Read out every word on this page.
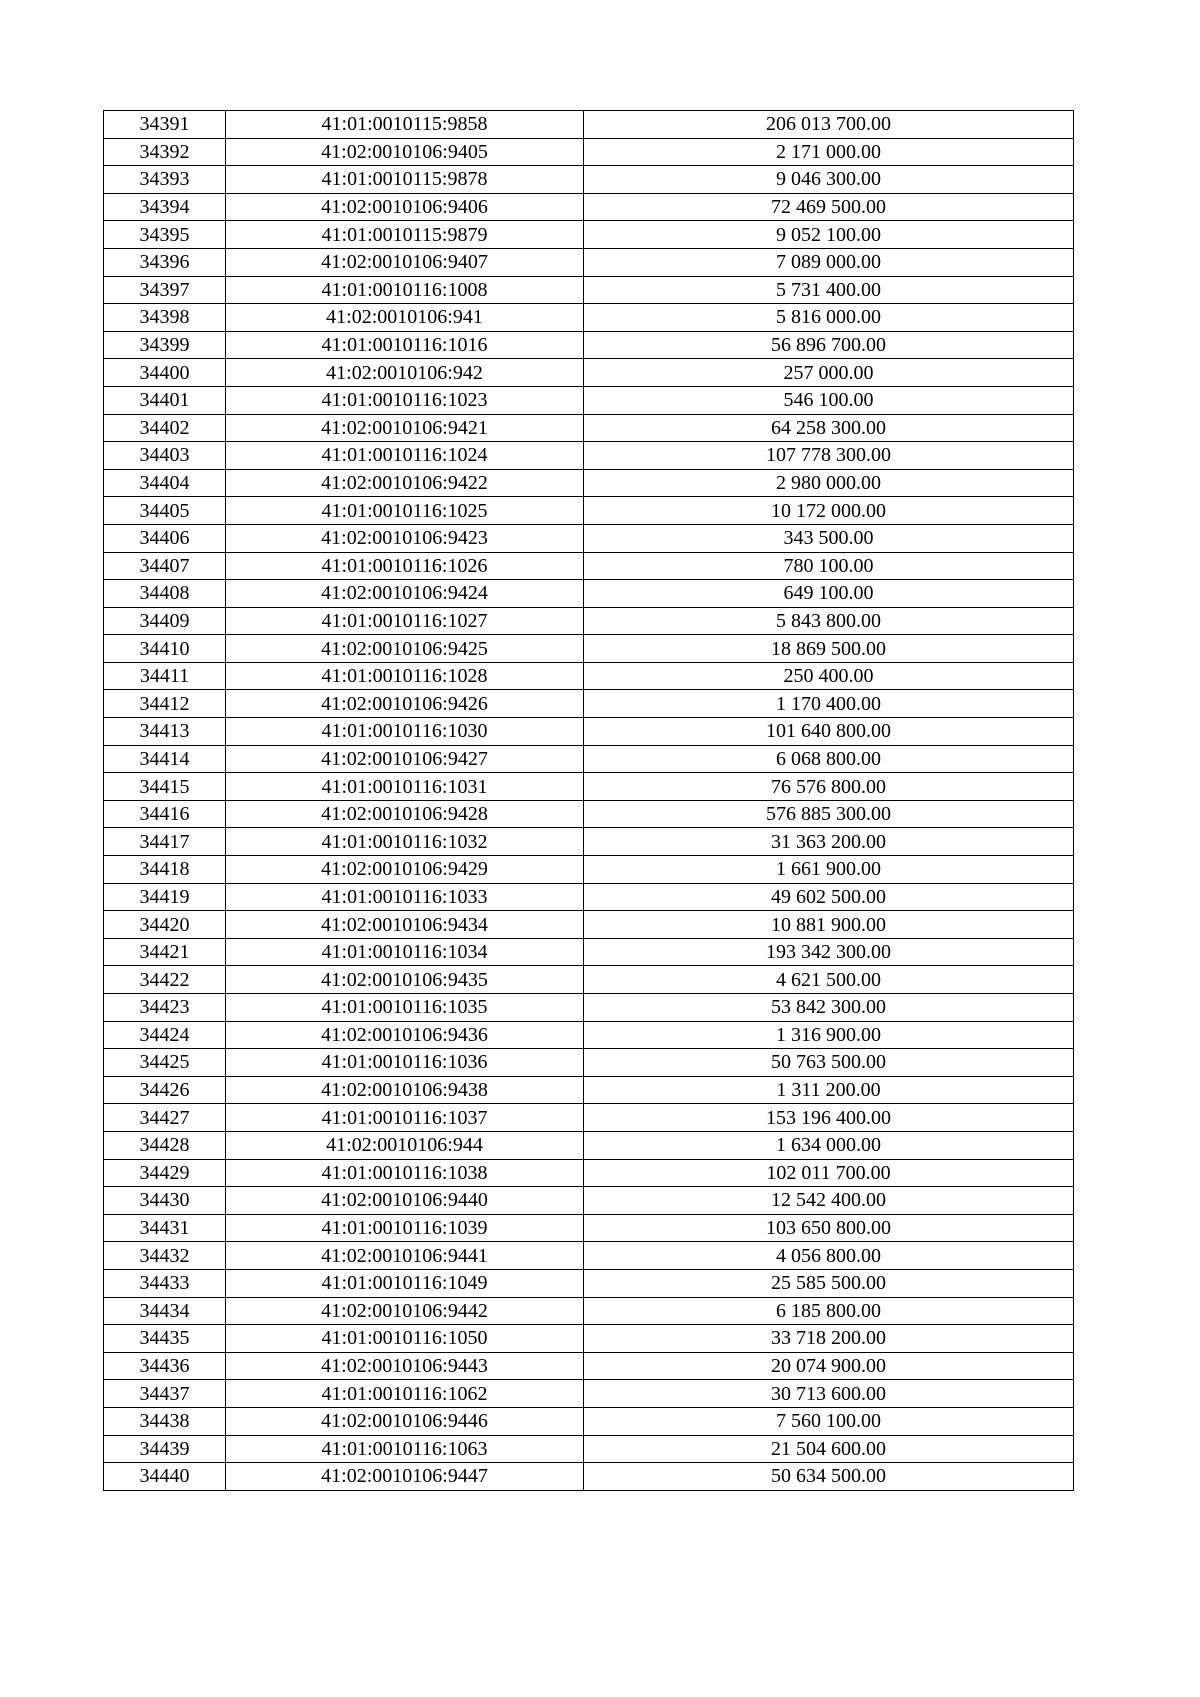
34391	41:01:0010115:9858	206 013 700.00
34392	41:02:0010106:9405	2 171 000.00
34393	41:01:0010115:9878	9 046 300.00
34394	41:02:0010106:9406	72 469 500.00
34395	41:01:0010115:9879	9 052 100.00
34396	41:02:0010106:9407	7 089 000.00
34397	41:01:0010116:1008	5 731 400.00
34398	41:02:0010106:941	5 816 000.00
34399	41:01:0010116:1016	56 896 700.00
34400	41:02:0010106:942	257 000.00
34401	41:01:0010116:1023	546 100.00
34402	41:02:0010106:9421	64 258 300.00
34403	41:01:0010116:1024	107 778 300.00
34404	41:02:0010106:9422	2 980 000.00
34405	41:01:0010116:1025	10 172 000.00
34406	41:02:0010106:9423	343 500.00
34407	41:01:0010116:1026	780 100.00
34408	41:02:0010106:9424	649 100.00
34409	41:01:0010116:1027	5 843 800.00
34410	41:02:0010106:9425	18 869 500.00
34411	41:01:0010116:1028	250 400.00
34412	41:02:0010106:9426	1 170 400.00
34413	41:01:0010116:1030	101 640 800.00
34414	41:02:0010106:9427	6 068 800.00
34415	41:01:0010116:1031	76 576 800.00
34416	41:02:0010106:9428	576 885 300.00
34417	41:01:0010116:1032	31 363 200.00
34418	41:02:0010106:9429	1 661 900.00
34419	41:01:0010116:1033	49 602 500.00
34420	41:02:0010106:9434	10 881 900.00
34421	41:01:0010116:1034	193 342 300.00
34422	41:02:0010106:9435	4 621 500.00
34423	41:01:0010116:1035	53 842 300.00
34424	41:02:0010106:9436	1 316 900.00
34425	41:01:0010116:1036	50 763 500.00
34426	41:02:0010106:9438	1 311 200.00
34427	41:01:0010116:1037	153 196 400.00
34428	41:02:0010106:944	1 634 000.00
34429	41:01:0010116:1038	102 011 700.00
34430	41:02:0010106:9440	12 542 400.00
34431	41:01:0010116:1039	103 650 800.00
34432	41:02:0010106:9441	4 056 800.00
34433	41:01:0010116:1049	25 585 500.00
34434	41:02:0010106:9442	6 185 800.00
34435	41:01:0010116:1050	33 718 200.00
34436	41:02:0010106:9443	20 074 900.00
34437	41:01:0010116:1062	30 713 600.00
34438	41:02:0010106:9446	7 560 100.00
34439	41:01:0010116:1063	21 504 600.00
34440	41:02:0010106:9447	50 634 500.00
